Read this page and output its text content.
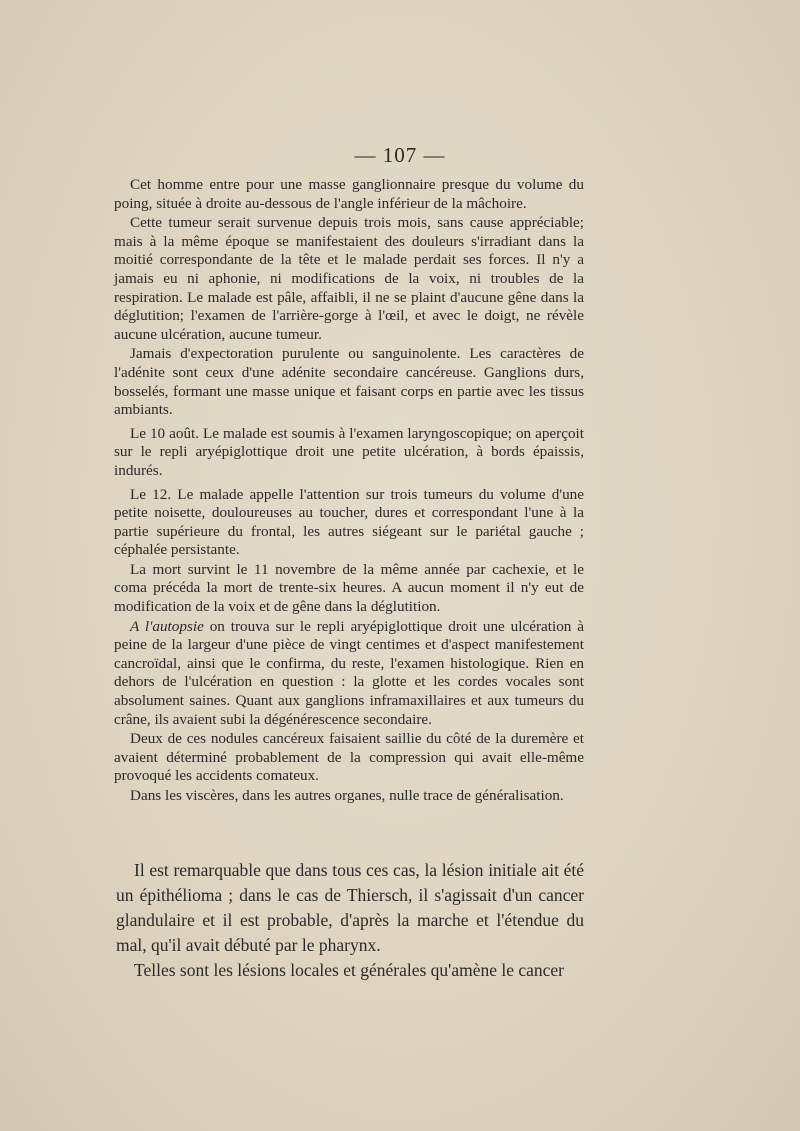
— 107 —

Cet homme entre pour une masse ganglionnaire presque du volume du poing, située à droite au-dessous de l'angle inférieur de la mâchoire.

Cette tumeur serait survenue depuis trois mois, sans cause appréciable; mais à la même époque se manifestaient des douleurs s'irradiant dans la moitié correspondante de la tête et le malade perdait ses forces. Il n'y a jamais eu ni aphonie, ni modifications de la voix, ni troubles de la respiration. Le malade est pâle, affaibli, il ne se plaint d'aucune gêne dans la déglutition; l'examen de l'arrière-gorge à l'œil, et avec le doigt, ne révèle aucune ulcération, aucune tumeur.

Jamais d'expectoration purulente ou sanguinolente. Les caractères de l'adénite sont ceux d'une adénite secondaire cancéreuse. Ganglions durs, bosselés, formant une masse unique et faisant corps en partie avec les tissus ambiants.

Le 10 août. Le malade est soumis à l'examen laryngoscopique; on aperçoit sur le repli aryépiglottique droit une petite ulcération, à bords épaissis, indurés.

Le 12. Le malade appelle l'attention sur trois tumeurs du volume d'une petite noisette, douloureuses au toucher, dures et correspondant l'une à la partie supérieure du frontal, les autres siégeant sur le pariétal gauche ; céphalée persistante.

La mort survint le 11 novembre de la même année par cachexie, et le coma précéda la mort de trente-six heures. A aucun moment il n'y eut de modification de la voix et de gêne dans la déglutition.

A l'autopsie on trouva sur le repli aryépiglottique droit une ulcération à peine de la largeur d'une pièce de vingt centimes et d'aspect manifestement cancroïdal, ainsi que le confirma, du reste, l'examen histologique. Rien en dehors de l'ulcération en question : la glotte et les cordes vocales sont absolument saines. Quant aux ganglions inframaxillaires et aux tumeurs du crâne, ils avaient subi la dégénérescence secondaire.

Deux de ces nodules cancéreux faisaient saillie du côté de la duremère et avaient déterminé probablement de la compression qui avait elle-même provoqué les accidents comateux.

Dans les viscères, dans les autres organes, nulle trace de généralisation.

Il est remarquable que dans tous ces cas, la lésion initiale ait été un épithélioma ; dans le cas de Thiersch, il s'agissait d'un cancer glandulaire et il est probable, d'après la marche et l'étendue du mal, qu'il avait débuté par le pharynx.

Telles sont les lésions locales et générales qu'amène le cancer
